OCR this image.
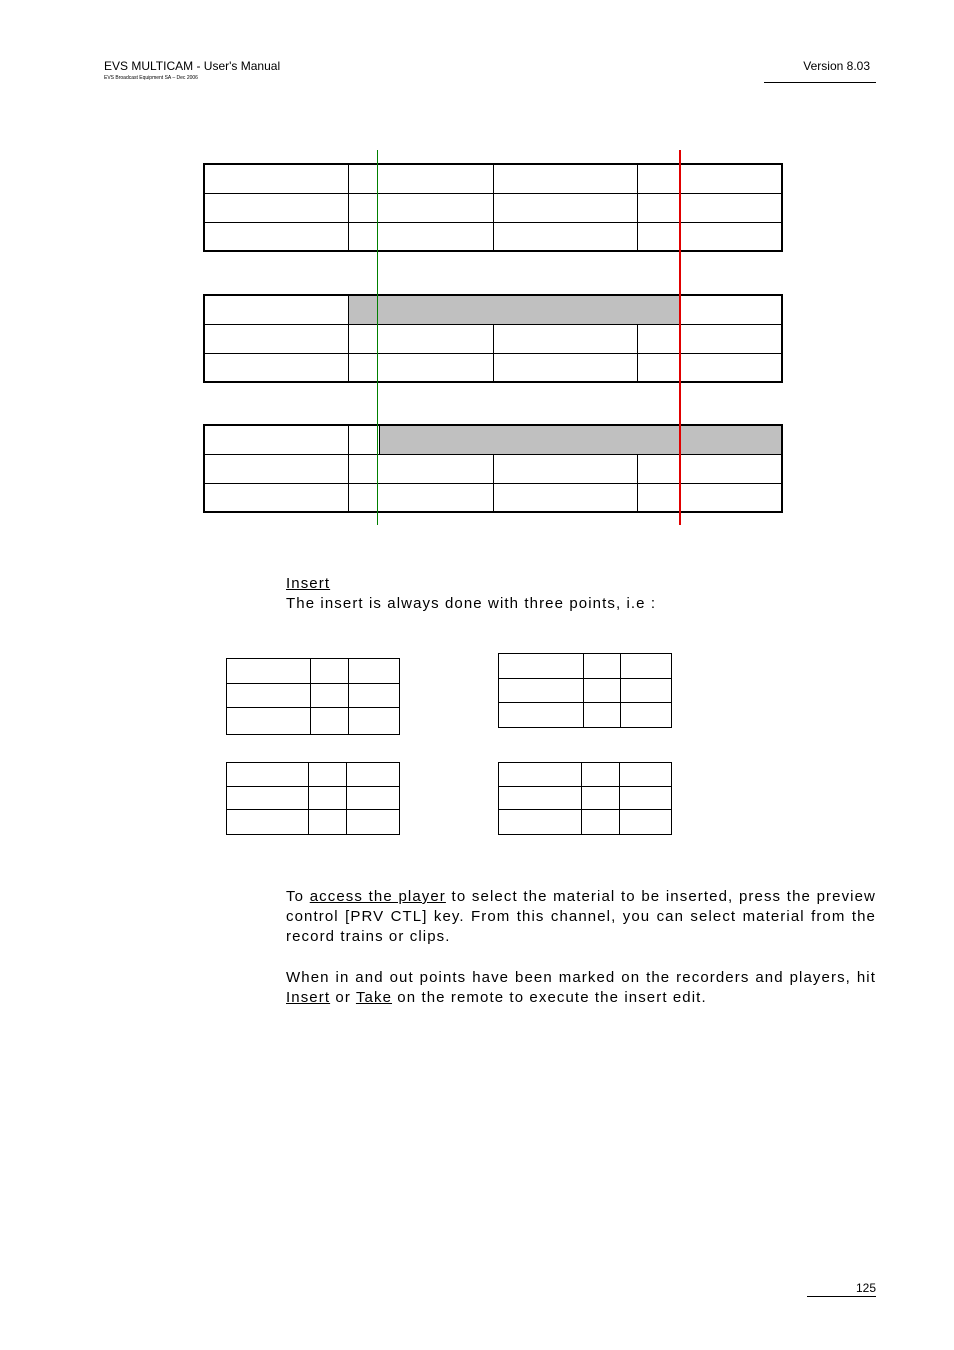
EVS MULTICAM - User's Manual
EVS Broadcast Equipment SA – Dec 2006
Version 8.03
Insert
The insert is always done with three points, i.e :
To access the player to select the material to be inserted, press the preview control [PRV CTL] key. From this channel, you can select material from the record trains or clips.
When in and out points have been marked on the recorders and players, hit Insert or Take on the remote to execute the insert edit.
125
